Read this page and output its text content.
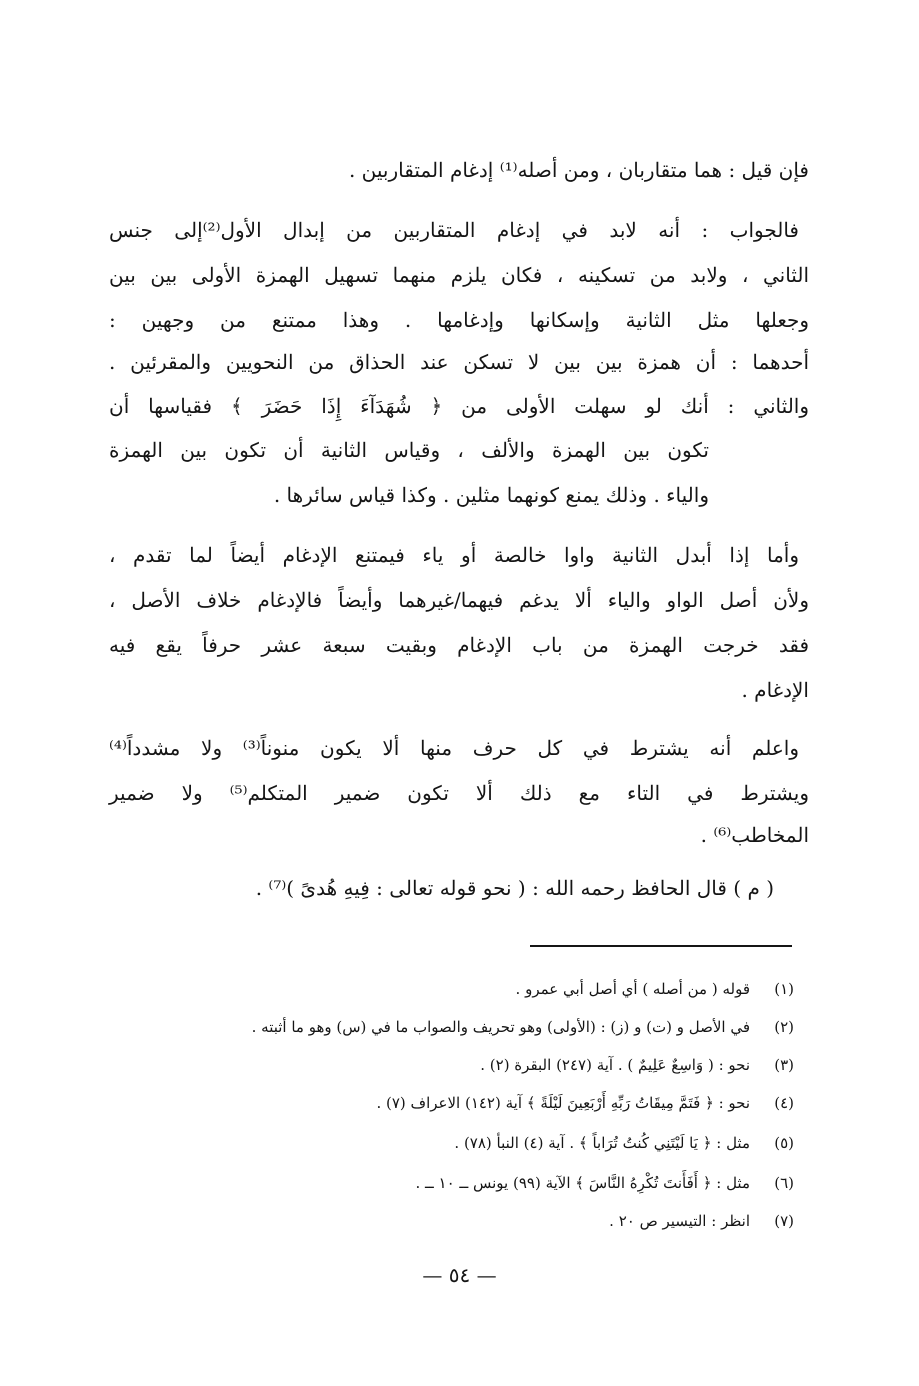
فإن قيل : هما متقاربان ، ومن أصله⁽¹⁾ إدغام المتقاربين .
فالجواب : أنه لابد في إدغام المتقاربين من إبدال الأول⁽²⁾إلى جنس
الثاني ، ولابد من تسكينه ، فكان يلزم منهما تسهيل الهمزة الأولى بين بين
وجعلها مثل الثانية وإسكانها وإدغامها . وهذا ممتنع من وجهين :
أحدهما : أن همزة بين بين لا تسكن عند الحذاق من النحويين والمقرئين .
والثاني : أنك لو سهلت الأولى من ﴿ شُهَدَآءَ إِذَا حَضَرَ ﴾ فقياسها أن
تكون بين الهمزة والألف ، وقياس الثانية أن تكون بين الهمزة
والياء . وذلك يمنع كونهما مثلين . وكذا قياس سائرها .
وأما إذا أبدل الثانية واوا خالصة أو ياء فيمتنع الإدغام أيضاً لما تقدم ،
ولأن أصل الواو والياء ألا يدغم فيهما/غيرهما وأيضاً فالإدغام خلاف الأصل ،
فقد خرجت الهمزة من باب الإدغام وبقيت سبعة عشر حرفاً يقع فيه
الإدغام .
واعلم أنه يشترط في كل حرف منها ألا يكون منوناً⁽³⁾ ولا مشدداً⁽⁴⁾
ويشترط في التاء مع ذلك ألا تكون ضمير المتكلم⁽⁵⁾ ولا ضمير
المخاطب⁽⁶⁾ .
( م ) قال الحافظ رحمه الله : ( نحو قوله تعالى : فِيهِ هُدىً )⁽⁷⁾ .
(١)
قوله ( من أصله ) أي أصل أبي عمرو .
(٢)
في الأصل و (ت) و (ز) : (الأولى) وهو تحريف والصواب ما في (س) وهو ما أثبته .
(٣)
نحو : ( وَاسِعٌ عَلِيمٌ ) . آية (٢٤٧) البقرة (٢) .
(٤)
نحو : ﴿ فَتَمَّ مِيقَاتُ رَبِّهِ أَرْبَعِينَ لَيْلَةً ﴾ آية (١٤٢) الاعراف (٧) .
(٥)
مثل : ﴿ يَا لَيْتَنِي كُنتُ تُرَاباً ﴾ . آية (٤) النبأ (٧٨) .
(٦)
مثل : ﴿ أَفَأَنتَ تُكْرِهُ النَّاسَ ﴾ الآية (٩٩) يونس ــ ١٠ ــ .
(٧)
انظر : التيسير ص ٢٠ .
— ٥٤ —
